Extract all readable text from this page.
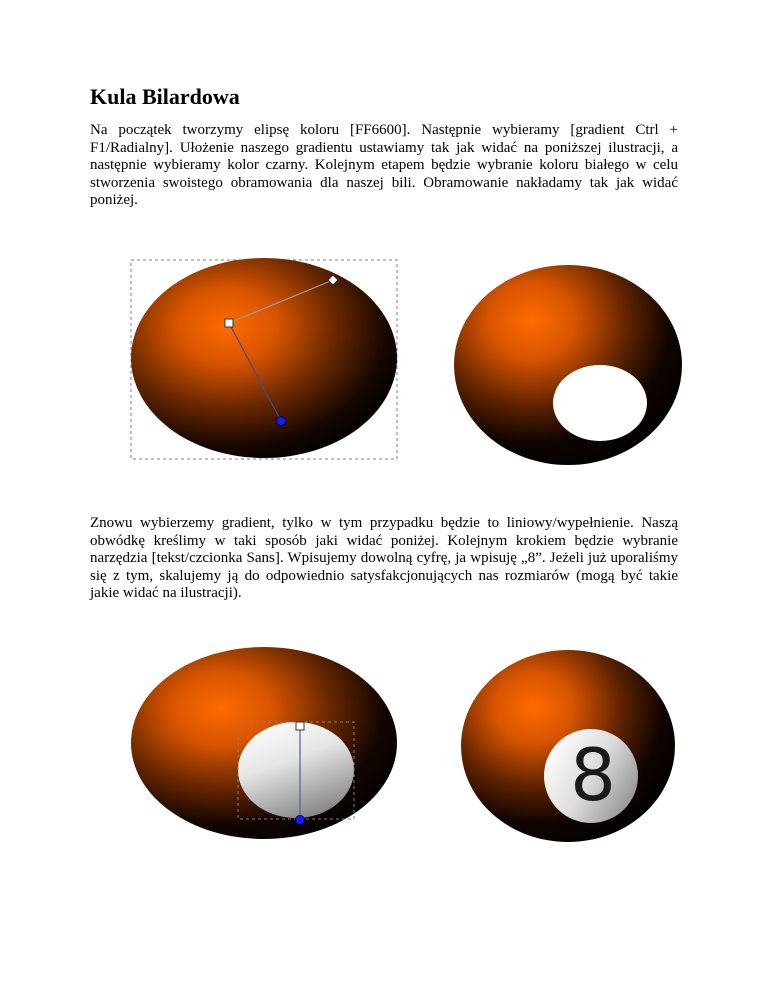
Kula Bilardowa

Na początek tworzymy elipsę koloru [FF6600]. Następnie wybieramy [gradient Ctrl + F1/Radialny]. Ułożenie naszego gradientu ustawiamy tak jak widać na poniższej ilustracji, a następnie wybieramy kolor czarny. Kolejnym etapem będzie wybranie koloru białego w celu stworzenia swoistego obramowania dla naszej bili. Obramowanie nakładamy tak jak widać poniżej.

Znowu wybierzemy gradient, tylko w tym przypadku będzie to liniowy/wypełnienie. Naszą obwódkę kreślimy w taki sposób jaki widać poniżej. Kolejnym krokiem będzie wybranie narzędzia [tekst/czcionka Sans]. Wpisujemy dowolną cyfrę, ja wpisuję „8”. Jeżeli już uporaliśmy się z tym, skalujemy ją do odpowiednio satysfakcjonujących nas rozmiarów (mogą być takie jakie widać na ilustracji).

8
